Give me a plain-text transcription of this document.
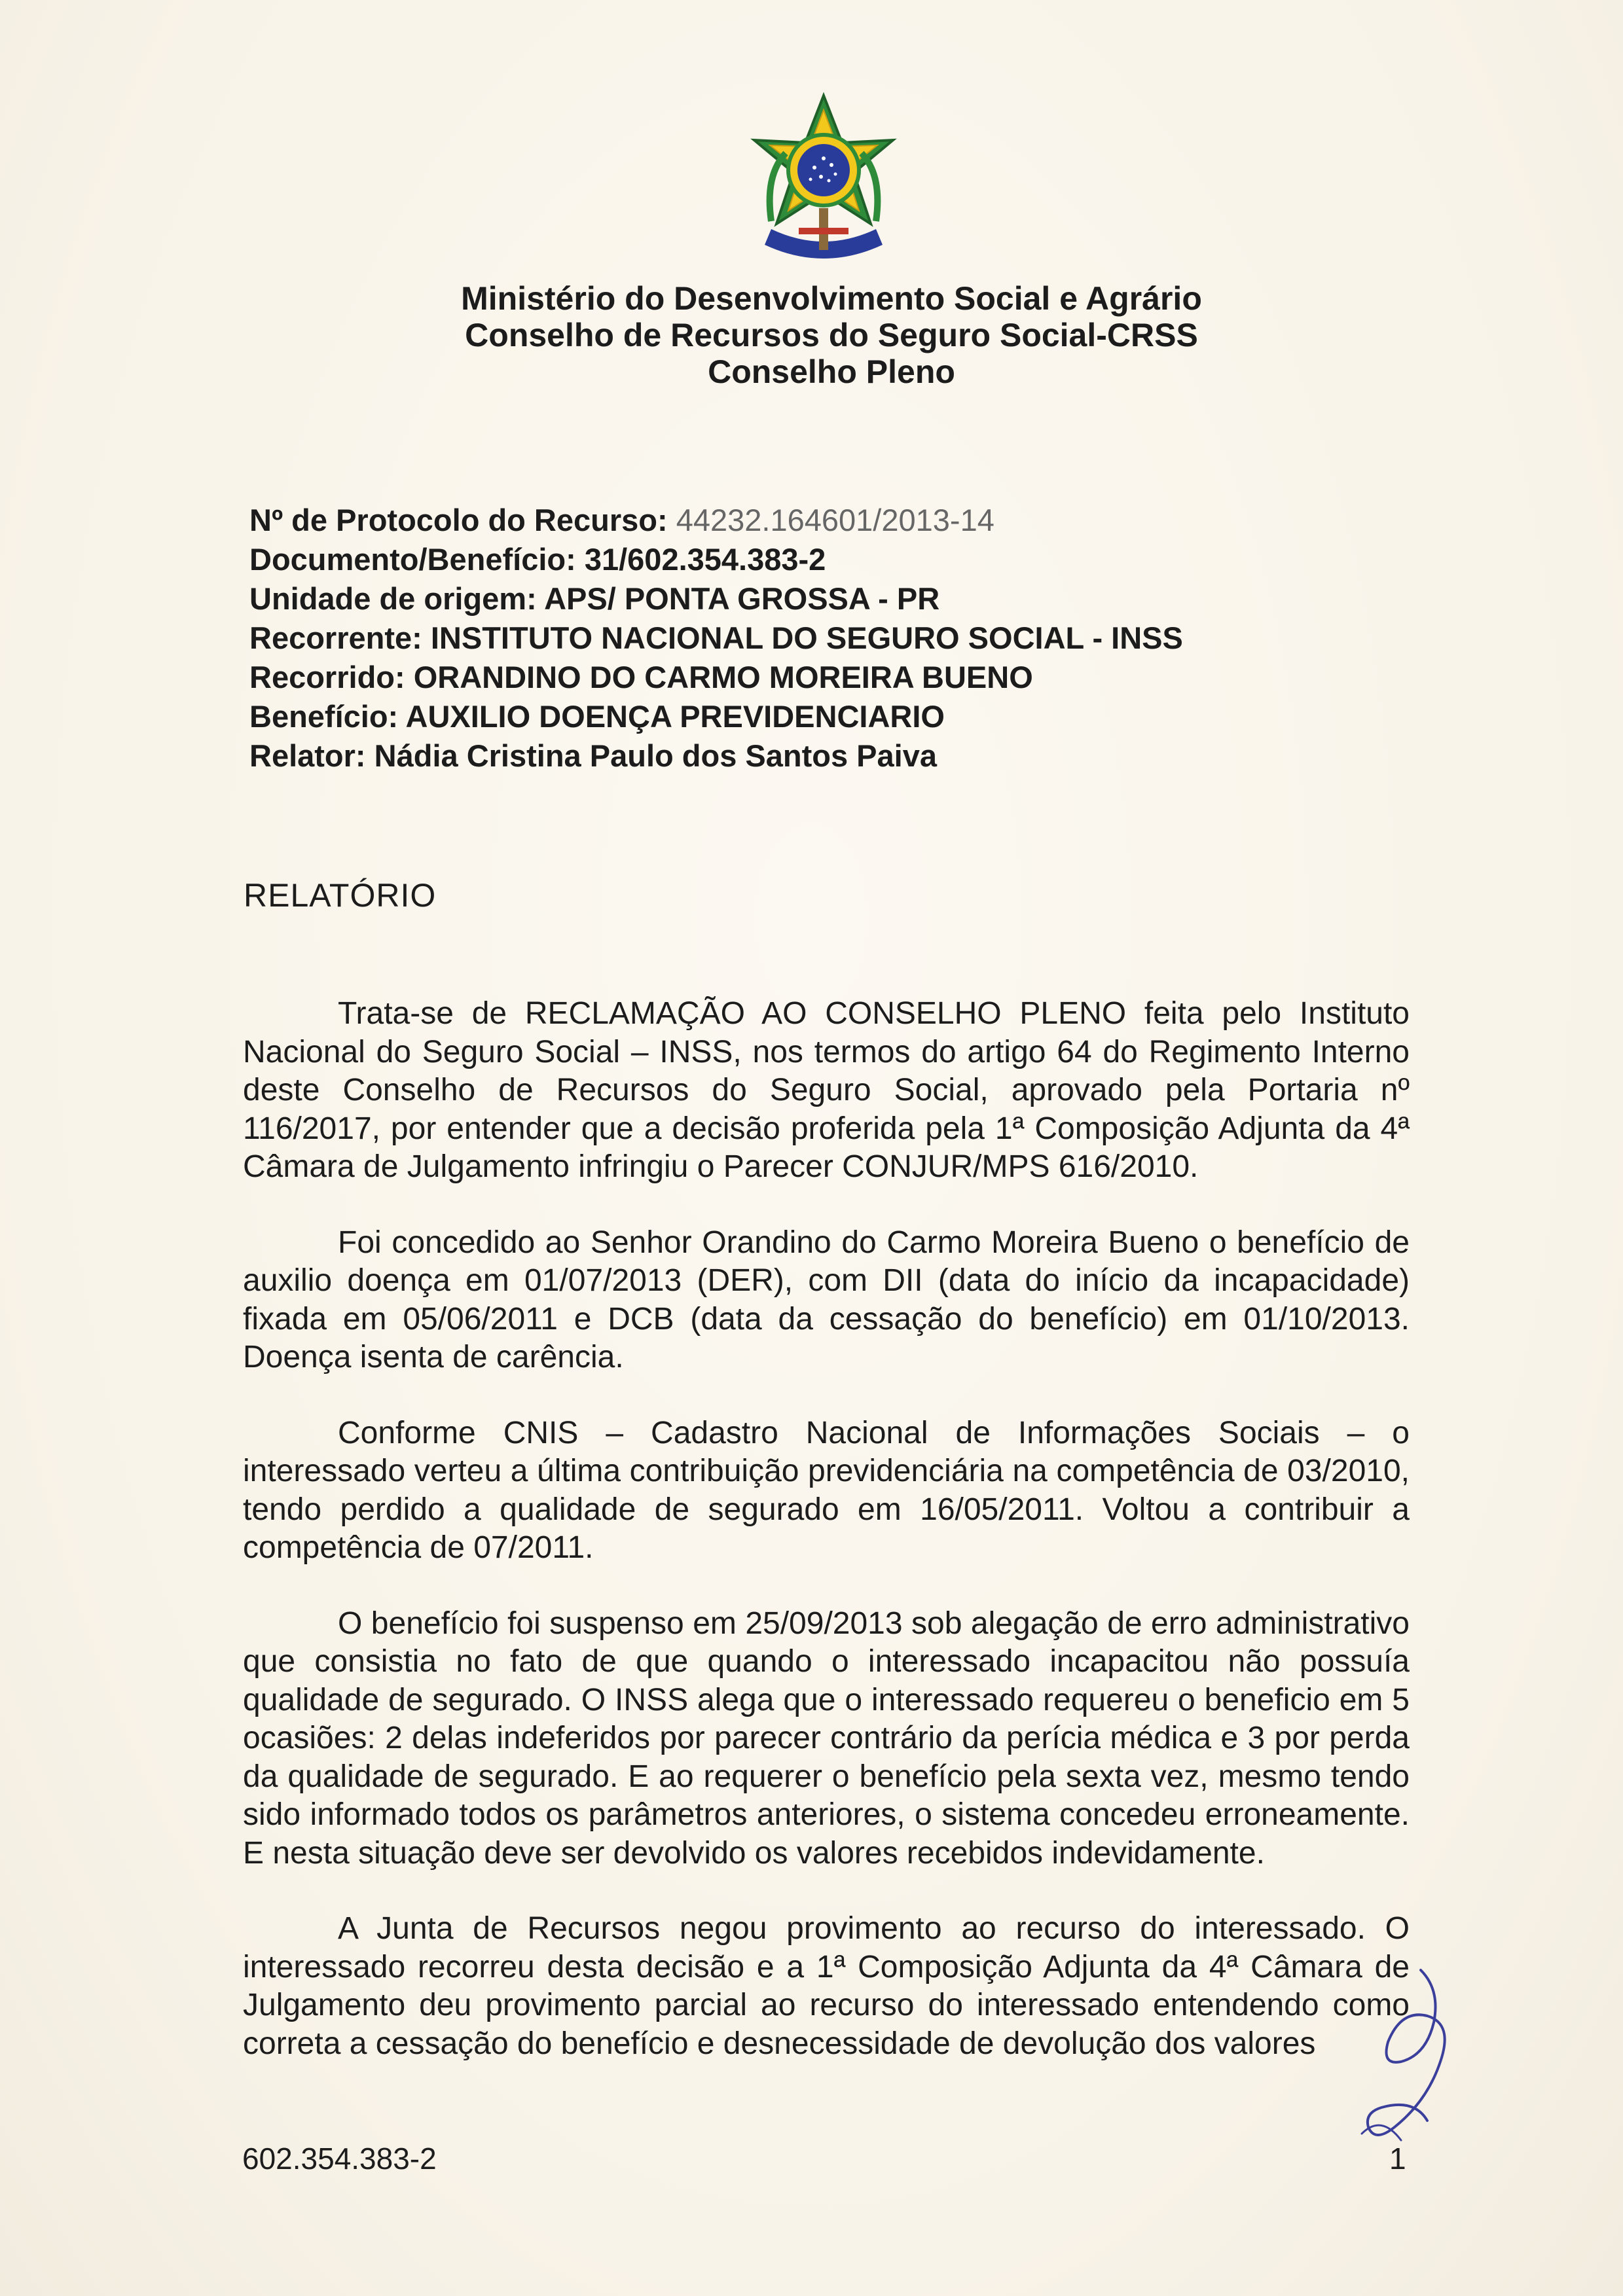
Ministério do Desenvolvimento Social e Agrário
Conselho de Recursos do Seguro Social-CRSS
Conselho Pleno
Nº de Protocolo do Recurso: 44232.164601/2013-14
Documento/Benefício: 31/602.354.383-2
Unidade de origem: APS/ PONTA GROSSA - PR
Recorrente: INSTITUTO NACIONAL DO SEGURO SOCIAL - INSS
Recorrido: ORANDINO DO CARMO MOREIRA BUENO
Benefício: AUXILIO DOENÇA PREVIDENCIARIO
Relator: Nádia Cristina Paulo dos Santos Paiva
RELATÓRIO

Trata-se de RECLAMAÇÃO AO CONSELHO PLENO feita pelo Instituto Nacional do Seguro Social – INSS, nos termos do artigo 64 do Regimento Interno deste Conselho de Recursos do Seguro Social, aprovado pela Portaria nº 116/2017, por entender que a decisão proferida pela 1ª Composição Adjunta da 4ª Câmara de Julgamento infringiu o Parecer CONJUR/MPS 616/2010.

Foi concedido ao Senhor Orandino do Carmo Moreira Bueno o benefício de auxilio doença em 01/07/2013 (DER), com DII (data do início da incapacidade) fixada em 05/06/2011 e DCB (data da cessação do benefício) em 01/10/2013. Doença isenta de carência.

Conforme CNIS – Cadastro Nacional de Informações Sociais – o interessado verteu a última contribuição previdenciária na competência de 03/2010, tendo perdido a qualidade de segurado em 16/05/2011. Voltou a contribuir a competência de 07/2011.

O benefício foi suspenso em 25/09/2013 sob alegação de erro administrativo que consistia no fato de que quando o interessado incapacitou não possuía qualidade de segurado. O INSS alega que o interessado requereu o beneficio em 5 ocasiões: 2 delas indeferidos por parecer contrário da perícia médica e 3 por perda da qualidade de segurado. E ao requerer o benefício pela sexta vez, mesmo tendo sido informado todos os parâmetros anteriores, o sistema concedeu erroneamente. E nesta situação deve ser devolvido os valores recebidos indevidamente.

A Junta de Recursos negou provimento ao recurso do interessado. O interessado recorreu desta decisão e a 1ª Composição Adjunta da 4ª Câmara de Julgamento deu provimento parcial ao recurso do interessado entendendo como correta a cessação do benefício e desnecessidade de devolução dos valores

602.354.383-2	1
